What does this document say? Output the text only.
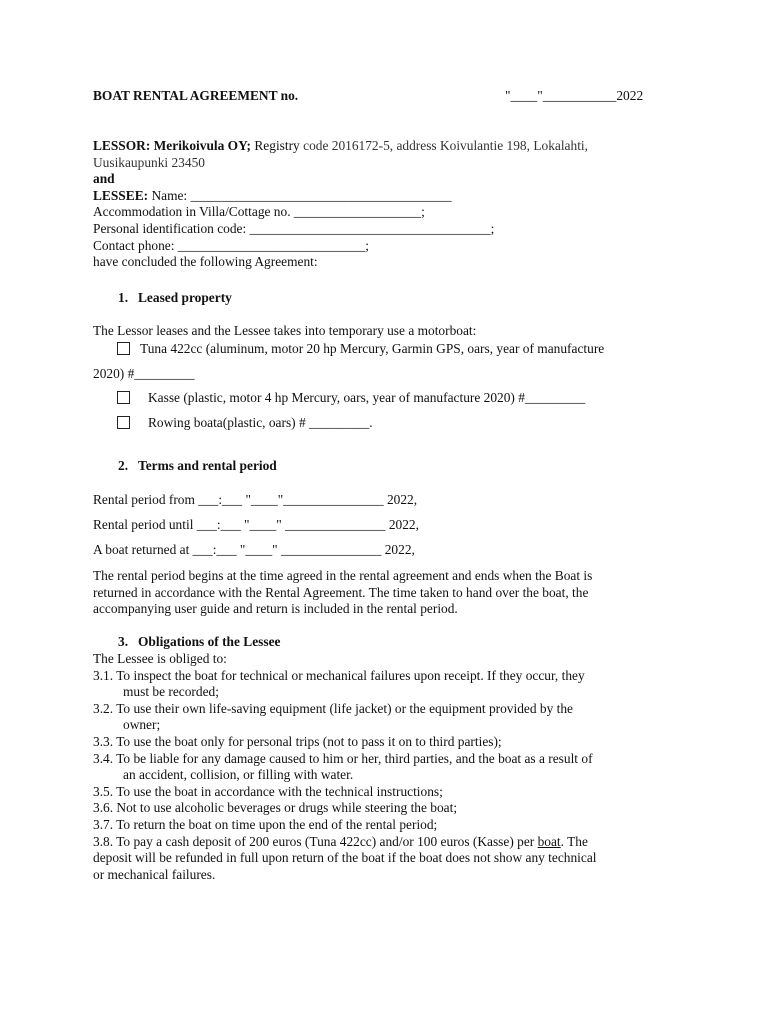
BOAT RENTAL AGREEMENT no.	"____"___________2022
LESSOR: Merikoivula OY; Registry code 2016172-5, address Koivulantie 198, Lokalahti,
Uusikaupunki 23450
and
LESSEE: Name: _______________________________________
Accommodation in Villa/Cottage no. ___________________;
Personal identification code: ____________________________________;
Contact phone: ____________________________;
have concluded the following Agreement:
1. Leased property
The Lessor leases and the Lessee takes into temporary use a motorboat:
Tuna 422cc (aluminum, motor 20 hp Mercury, Garmin GPS, oars, year of manufacture
2020) #_________
Kasse (plastic, motor 4 hp Mercury, oars, year of manufacture 2020) #_________
Rowing boata(plastic, oars) # _________.
2. Terms and rental period
Rental period from ___:___ "____"_______________ 2022,
Rental period until ___:___ "____" _______________ 2022,
A boat returned at ___:___ "____" _______________ 2022,
The rental period begins at the time agreed in the rental agreement and ends when the Boat is
returned in accordance with the Rental Agreement. The time taken to hand over the boat, the
accompanying user guide and return is included in the rental period.
3. Obligations of the Lessee
The Lessee is obliged to:
3.1. To inspect the boat for technical or mechanical failures upon receipt. If they occur, they
must be recorded;
3.2. To use their own life-saving equipment (life jacket) or the equipment provided by the
owner;
3.3. To use the boat only for personal trips (not to pass it on to third parties);
3.4. To be liable for any damage caused to him or her, third parties, and the boat as a result of
an accident, collision, or filling with water.
3.5. To use the boat in accordance with the technical instructions;
3.6. Not to use alcoholic beverages or drugs while steering the boat;
3.7. To return the boat on time upon the end of the rental period;
3.8. To pay a cash deposit of 200 euros (Tuna 422cc) and/or 100 euros (Kasse) per boat. The
deposit will be refunded in full upon return of the boat if the boat does not show any technical
or mechanical failures.
